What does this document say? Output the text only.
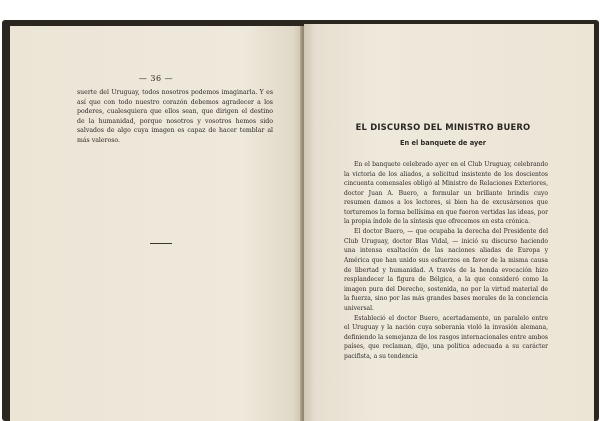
— 36 —

suerte del Uruguay, todos nosotros podemos imaginarla. Y es así que con todo nuestro corazón debemos agradecer a los poderes, cualesquiera que ellos sean, que dirigen el destino de la humanidad, porque nosotros y vosotros hemos sido salvados de algo cuya imagen es capaz de hacer temblar al más valeroso.

EL DISCURSO DEL MINISTRO BUERO
En el banquete de ayer

En el banquete celebrado ayer en el Club Uruguay, celebrando la victoria de los aliados, a solicitud insistente de los doscientos cincuenta comensales obligó al Ministro de Relaciones Exteriores, doctor Juan A. Buero, a formular un brillante brindis cuyo resumen damos a los lectores, si bien ha de excusársenos que torturemos la forma bellísima en que fueron vertidas las ideas, por la propia índole de la síntesis que ofrecemos en esta crónica.

El doctor Buero, — que ocupaba la derecha del Presidente del Club Uruguay, doctor Blas Vidal, — inició su discurso haciendo una intensa exaltación de las naciones aliadas de Europa y América que han unido sus esfuerzos en favor de la misma causa de libertad y humanidad. A través de la honda evocación hizo resplandecer la figura de Bélgica, a la que consideró como la imagen pura del Derecho, sostenida, no por la virtud material de la fuerza, sino por las más grandes bases morales de la conciencia universal.

Estableció el doctor Buero, acertadamente, un paralelo entre el Uruguay y la nación cuya soberanía violó la invasión alemana, definiendo la semejanza de los rasgos internacionales entre ambos países, que reclaman, dijo, una política adecuada a su carácter pacifista, a su tendencia
